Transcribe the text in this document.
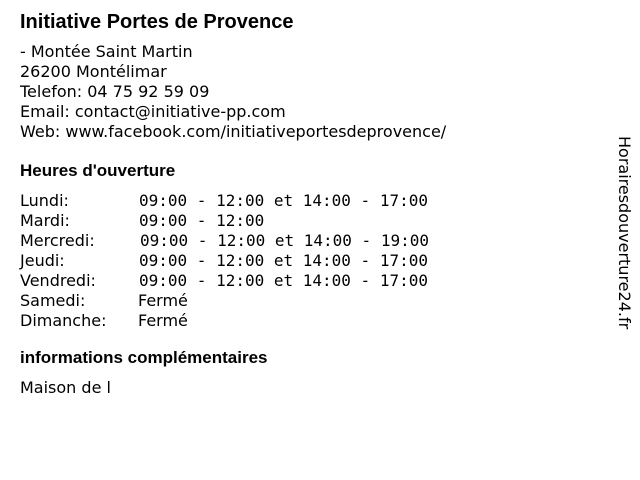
Initiative Portes de Provence
- Montée Saint Martin
26200 Montélimar
Telefon: 04 75 92 59 09
Email: contact@initiative-pp.com
Web: www.facebook.com/initiativeportesdeprovence/
Heures d'ouverture
Lundi:	09:00 - 12:00 et 14:00 - 17:00
Mardi:	09:00 - 12:00
Mercredi:	09:00 - 12:00 et 14:00 - 19:00
Jeudi:	09:00 - 12:00 et 14:00 - 17:00
Vendredi:	09:00 - 12:00 et 14:00 - 17:00
Samedi:	Fermé
Dimanche:	Fermé
informations complémentaires
Maison de l
Horairesdouverture24.fr
